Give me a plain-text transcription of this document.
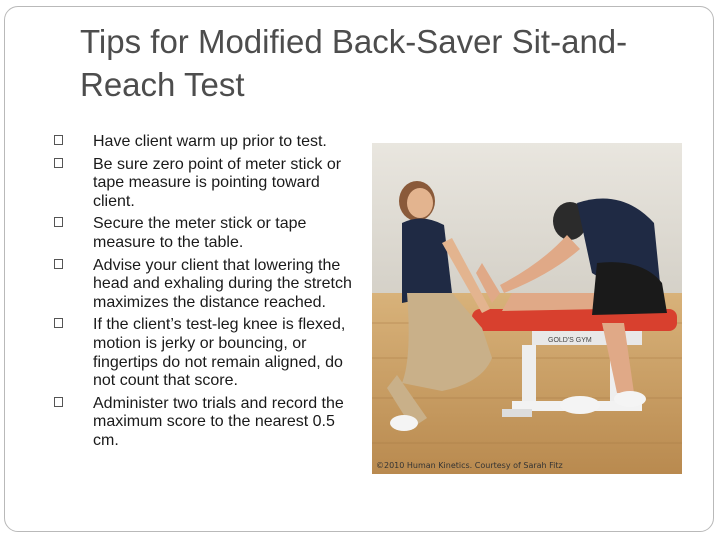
Tips for Modified Back-Saver Sit-and-Reach Test
Have client warm up prior to test.
Be sure zero point of meter stick or tape measure is pointing toward client.
Secure the meter stick or tape measure to the table.
Advise your client that lowering the head and exhaling during the stretch maximizes the distance reached.
If the client’s test-leg knee is flexed, motion is jerky or bouncing, or fingertips do not remain aligned, do not count that score.
Administer two trials and record the maximum score to the nearest 0.5 cm.
GOLD'S GYM
©2010 Human Kinetics. Courtesy of Sarah Fitz
